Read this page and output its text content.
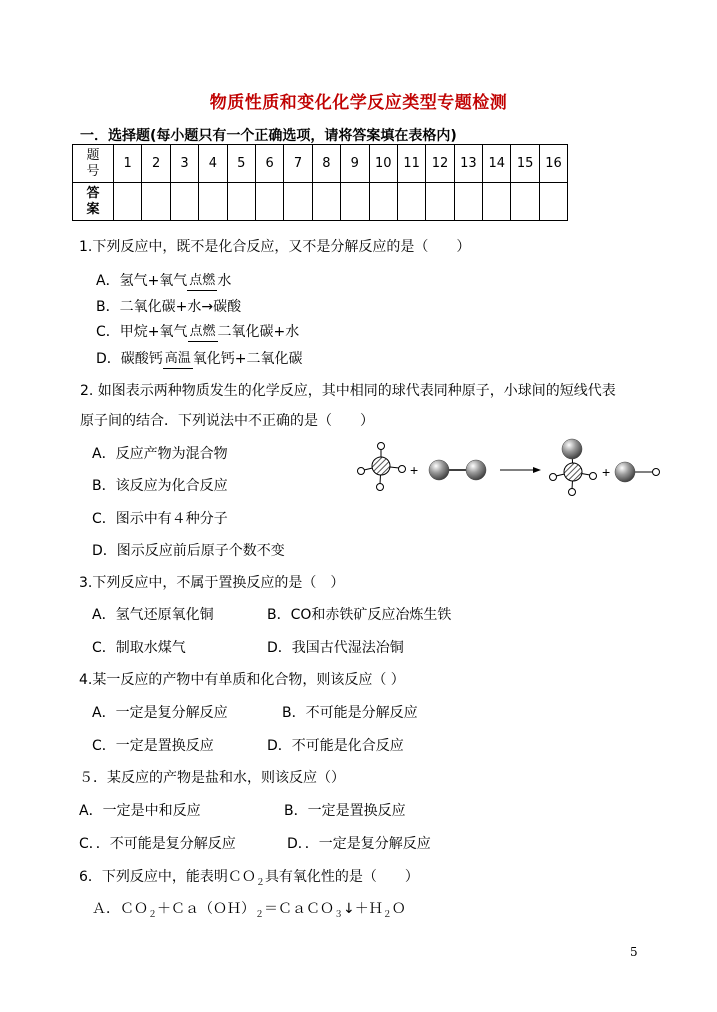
物质性质和变化化学反应类型专题检测
一．选择题(每小题只有一个正确选项，请将答案填在表格内)
题
号	1	2	3	4	5	6	7	8	9	10	11	12	13	14	15	16
答
案																
1.下列反应中，既不是化合反应，又不是分解反应的是（　　）
A．氢气+氧气 点燃 水
B．二氧化碳+水→碳酸
C．甲烷+氧气 点燃 二氧化碳+水
D．碳酸钙 高温 氧化钙+二氧化碳
2. 如图表示两种物质发生的化学反应，其中相同的球代表同种原子，小球间的短线代表
原子间的结合．下列说法中不正确的是（　　）
A．反应产物为混合物
B．该反应为化合反应
C．图示中有４种分子
D．图示反应前后原子个数不变
+	+
3.下列反应中，不属于置换反应的是（　）
A．氢气还原氧化铜	B．CO和赤铁矿反应冶炼生铁
C．制取水煤气	D．我国古代湿法冶铜
4.某一反应的产物中有单质和化合物，则该反应（ ）
A．一定是复分解反应	B．不可能是分解反应
C．一定是置换反应	D．不可能是化合反应
５．某反应的产物是盐和水，则该反应（）
A．一定是中和反应	B．一定是置换反应
C．．不可能是复分解反应	D．．一定是复分解反应
6．下列反应中，能表明ＣＯ$_2$具有氧化性的是（　　）
Ａ．$CO_2+Ca(OH)_2=CaCO_3↓+H_2O$
5
